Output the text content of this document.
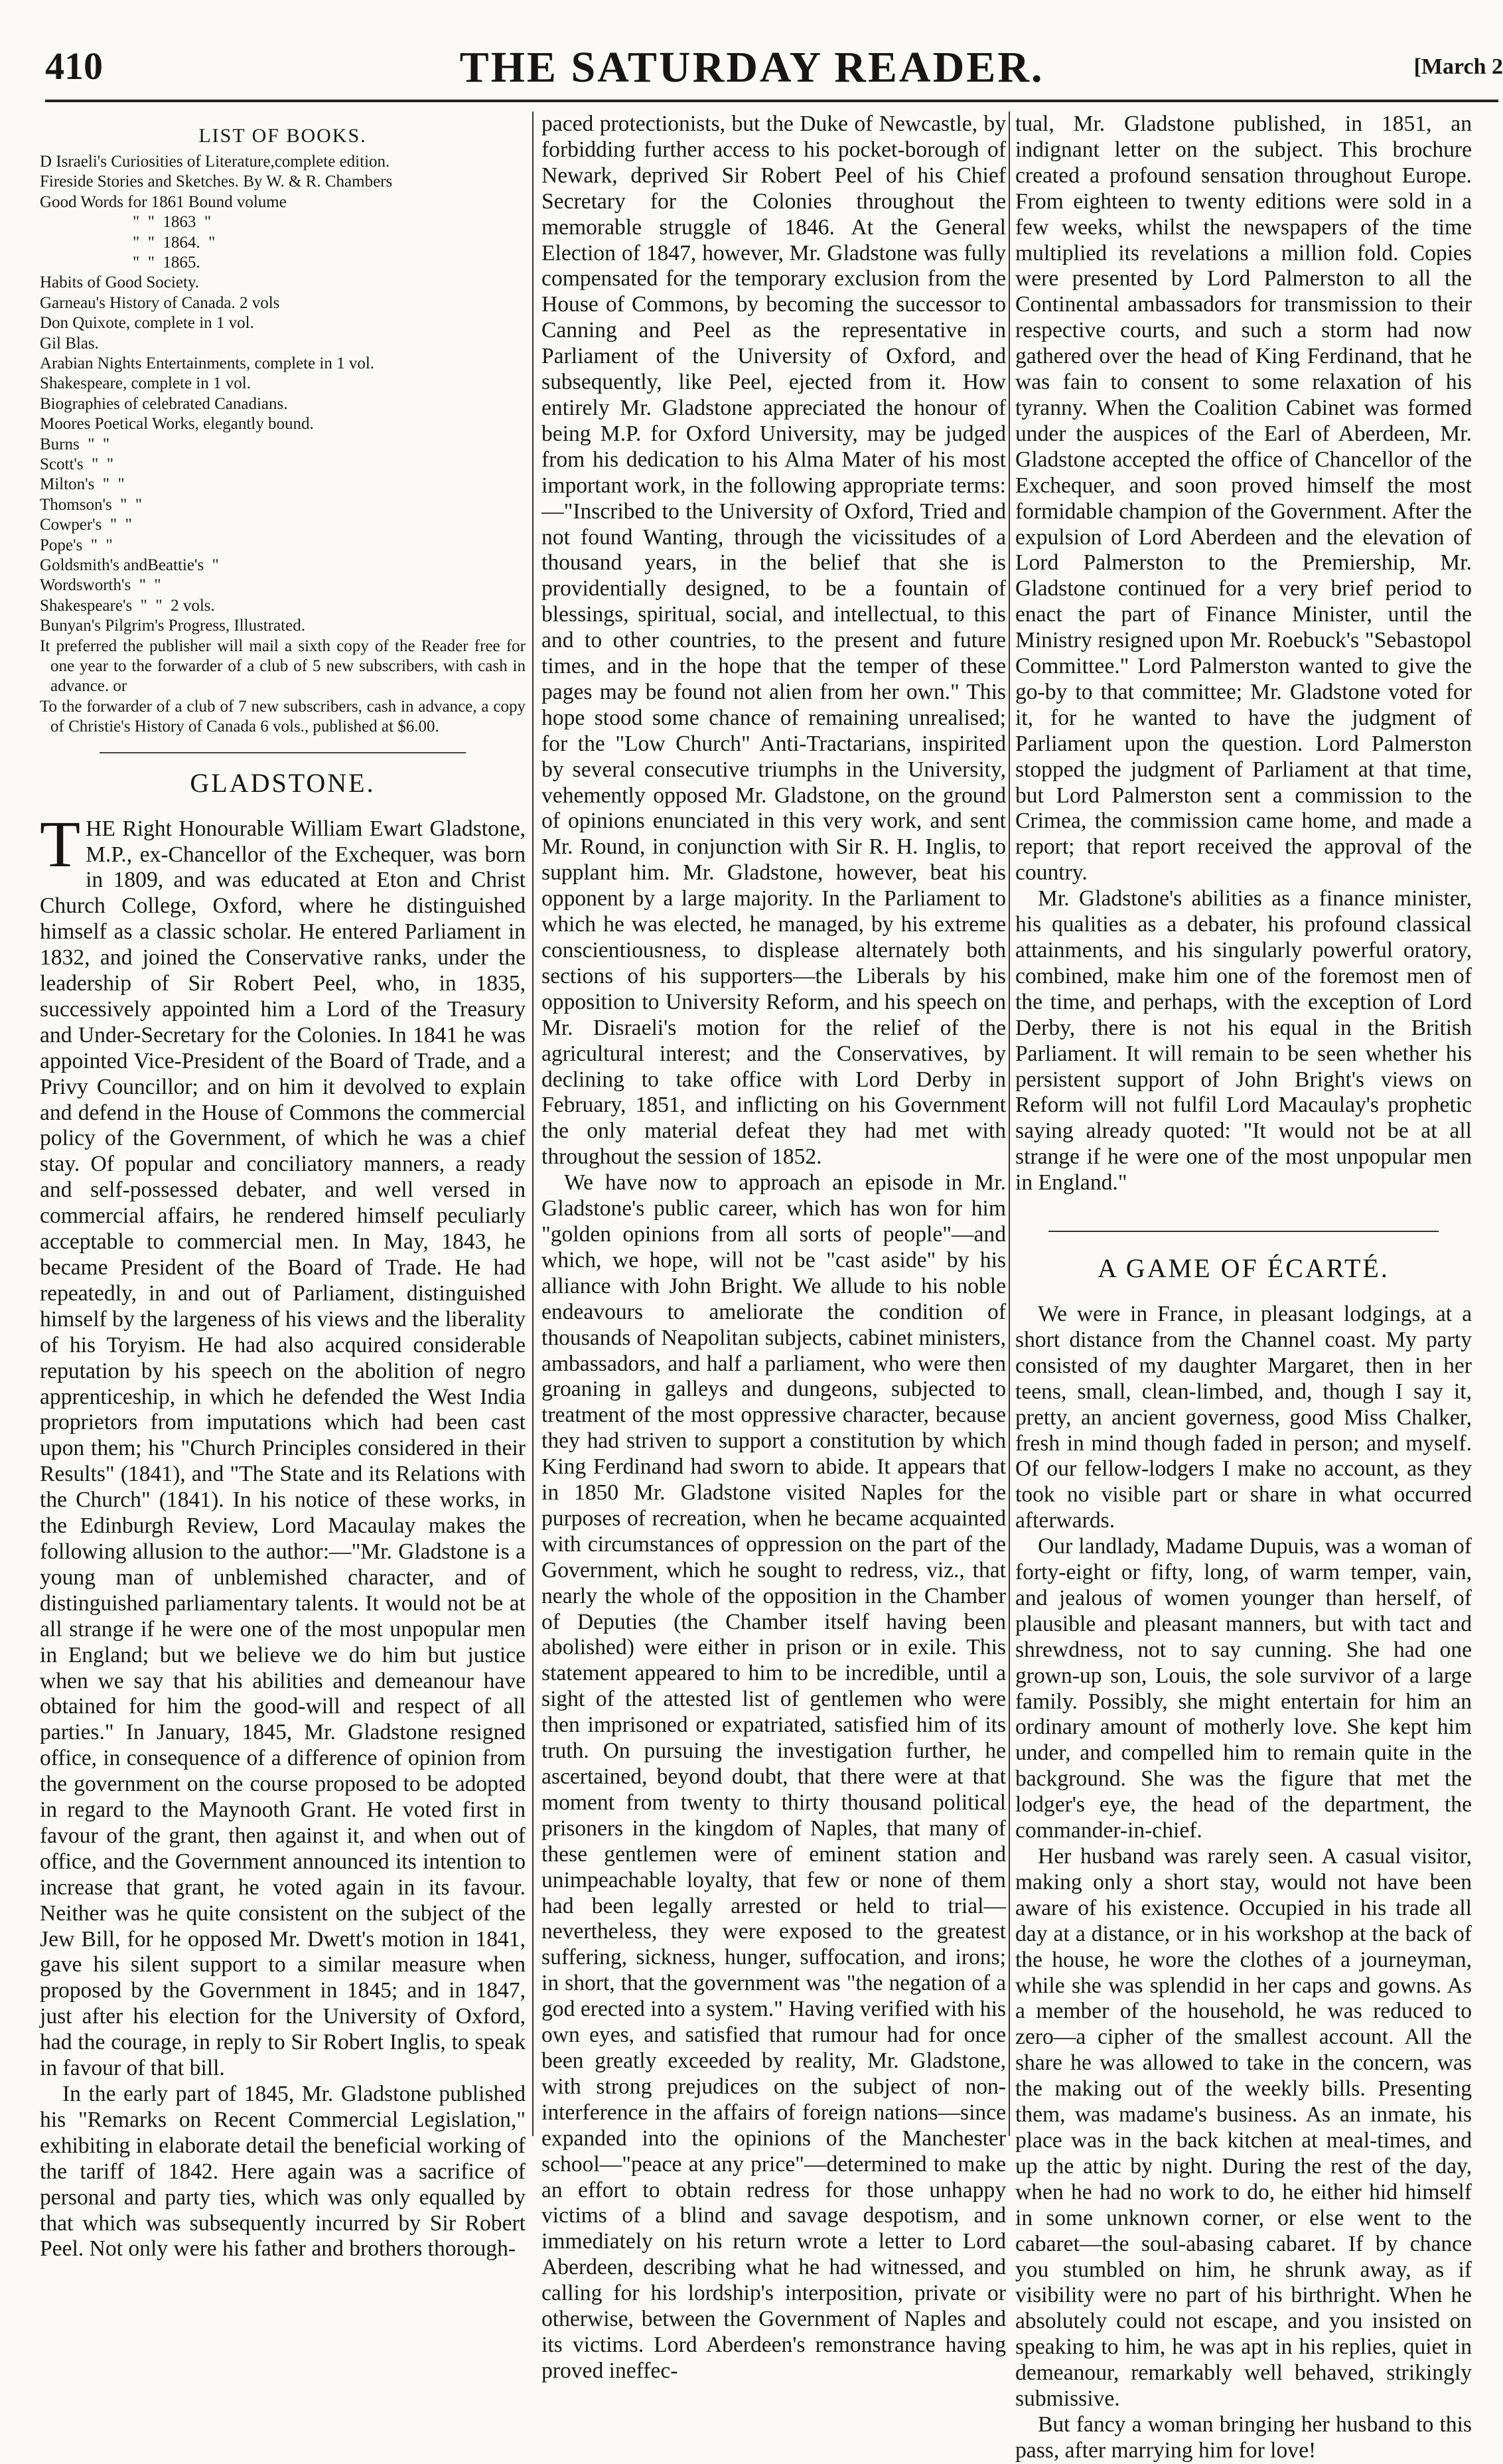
410	THE SATURDAY READER.	[March 2
LIST OF BOOKS.
D Israeli's Curiosities of Literature,complete edition.
Fireside Stories and Sketches. By W. & R. Chambers
Good Words for 1861 Bound volume
"  "  1863  "
"  "  1864.  "
"  "  1865.
Habits of Good Society.
Garneau's History of Canada. 2 vols
Don Quixote, complete in 1 vol.
Gil Blas.
Arabian Nights Entertainments, complete in 1 vol.
Shakespeare, complete in 1 vol.
Biographies of celebrated Canadians.
Moores Poetical Works, elegantly bound.
Burns  "  "
Scott's  "  "
Milton's  "  "
Thomson's  "  "
Cowper's  "  "
Pope's  "  "
Goldsmith's andBeattie's  "
Wordsworth's  "  "
Shakespeare's  "  "  2 vols.
Bunyan's Pilgrim's Progress, Illustrated.
It preferred the publisher will mail a sixth copy of the Reader free for one year to the forwarder of a club of 5 new subscribers, with cash in advance. or
To the forwarder of a club of 7 new subscribers, cash in advance, a copy of Christie's History of Canada 6 vols., published at $6.00.
GLADSTONE.

THE Right Honourable William Ewart Gladstone, M.P., ex-Chancellor of the Exchequer, was born in 1809, and was educated at Eton and Christ Church College, Oxford, where he distinguished himself as a classic scholar. He entered Parliament in 1832, and joined the Conservative ranks, under the leadership of Sir Robert Peel, who, in 1835, successively appointed him a Lord of the Treasury and Under-Secretary for the Colonies. In 1841 he was appointed Vice-President of the Board of Trade, and a Privy Councillor; and on him it devolved to explain and defend in the House of Commons the commercial policy of the Government, of which he was a chief stay. Of popular and conciliatory manners, a ready and self-possessed debater, and well versed in commercial affairs, he rendered himself peculiarly acceptable to commercial men. In May, 1843, he became President of the Board of Trade. He had repeatedly, in and out of Parliament, distinguished himself by the largeness of his views and the liberality of his Toryism. He had also acquired considerable reputation by his speech on the abolition of negro apprenticeship, in which he defended the West India proprietors from imputations which had been cast upon them; his "Church Principles considered in their Results" (1841), and "The State and its Relations with the Church" (1841). In his notice of these works, in the Edinburgh Review, Lord Macaulay makes the following allusion to the author:—"Mr. Gladstone is a young man of unblemished character, and of distinguished parliamentary talents. It would not be at all strange if he were one of the most unpopular men in England; but we believe we do him but justice when we say that his abilities and demeanour have obtained for him the good-will and respect of all parties." In January, 1845, Mr. Gladstone resigned office, in consequence of a difference of opinion from the government on the course proposed to be adopted in regard to the Maynooth Grant. He voted first in favour of the grant, then against it, and when out of office, and the Government announced its intention to increase that grant, he voted again in its favour. Neither was he quite consistent on the subject of the Jew Bill, for he opposed Mr. Dwett's motion in 1841, gave his silent support to a similar measure when proposed by the Government in 1845; and in 1847, just after his election for the University of Oxford, had the courage, in reply to Sir Robert Inglis, to speak in favour of that bill.

In the early part of 1845, Mr. Gladstone published his "Remarks on Recent Commercial Legislation," exhibiting in elaborate detail the beneficial working of the tariff of 1842. Here again was a sacrifice of personal and party ties, which was only equalled by that which was subsequently incurred by Sir Robert Peel. Not only were his father and brothers thorough-

paced protectionists, but the Duke of Newcastle, by forbidding further access to his pocket-borough of Newark, deprived Sir Robert Peel of his Chief Secretary for the Colonies throughout the memorable struggle of 1846. At the General Election of 1847, however, Mr. Gladstone was fully compensated for the temporary exclusion from the House of Commons, by becoming the successor to Canning and Peel as the representative in Parliament of the University of Oxford, and subsequently, like Peel, ejected from it. How entirely Mr. Gladstone appreciated the honour of being M.P. for Oxford University, may be judged from his dedication to his Alma Mater of his most important work, in the following appropriate terms:—"Inscribed to the University of Oxford, Tried and not found Wanting, through the vicissitudes of a thousand years, in the belief that she is providentially designed, to be a fountain of blessings, spiritual, social, and intellectual, to this and to other countries, to the present and future times, and in the hope that the temper of these pages may be found not alien from her own." This hope stood some chance of remaining unrealised; for the "Low Church" Anti-Tractarians, inspirited by several consecutive triumphs in the University, vehemently opposed Mr. Gladstone, on the ground of opinions enunciated in this very work, and sent Mr. Round, in conjunction with Sir R. H. Inglis, to supplant him. Mr. Gladstone, however, beat his opponent by a large majority. In the Parliament to which he was elected, he managed, by his extreme conscientiousness, to displease alternately both sections of his supporters—the Liberals by his opposition to University Reform, and his speech on Mr. Disraeli's motion for the relief of the agricultural interest; and the Conservatives, by declining to take office with Lord Derby in February, 1851, and inflicting on his Government the only material defeat they had met with throughout the session of 1852.

We have now to approach an episode in Mr. Gladstone's public career, which has won for him "golden opinions from all sorts of people"—and which, we hope, will not be "cast aside" by his alliance with John Bright. We allude to his noble endeavours to ameliorate the condition of thousands of Neapolitan subjects, cabinet ministers, ambassadors, and half a parliament, who were then groaning in galleys and dungeons, subjected to treatment of the most oppressive character, because they had striven to support a constitution by which King Ferdinand had sworn to abide. It appears that in 1850 Mr. Gladstone visited Naples for the purposes of recreation, when he became acquainted with circumstances of oppression on the part of the Government, which he sought to redress, viz., that nearly the whole of the opposition in the Chamber of Deputies (the Chamber itself having been abolished) were either in prison or in exile. This statement appeared to him to be incredible, until a sight of the attested list of gentlemen who were then imprisoned or expatriated, satisfied him of its truth. On pursuing the investigation further, he ascertained, beyond doubt, that there were at that moment from twenty to thirty thousand political prisoners in the kingdom of Naples, that many of these gentlemen were of eminent station and unimpeachable loyalty, that few or none of them had been legally arrested or held to trial—nevertheless, they were exposed to the greatest suffering, sickness, hunger, suffocation, and irons; in short, that the government was "the negation of a god erected into a system." Having verified with his own eyes, and satisfied that rumour had for once been greatly exceeded by reality, Mr. Gladstone, with strong prejudices on the subject of non-interference in the affairs of foreign nations—since expanded into the opinions of the Manchester school—"peace at any price"—determined to make an effort to obtain redress for those unhappy victims of a blind and savage despotism, and immediately on his return wrote a letter to Lord Aberdeen, describing what he had witnessed, and calling for his lordship's interposition, private or otherwise, between the Government of Naples and its victims. Lord Aberdeen's remonstrance having proved ineffec-

tual, Mr. Gladstone published, in 1851, an indignant letter on the subject. This brochure created a profound sensation throughout Europe. From eighteen to twenty editions were sold in a few weeks, whilst the newspapers of the time multiplied its revelations a million fold. Copies were presented by Lord Palmerston to all the Continental ambassadors for transmission to their respective courts, and such a storm had now gathered over the head of King Ferdinand, that he was fain to consent to some relaxation of his tyranny. When the Coalition Cabinet was formed under the auspices of the Earl of Aberdeen, Mr. Gladstone accepted the office of Chancellor of the Exchequer, and soon proved himself the most formidable champion of the Government. After the expulsion of Lord Aberdeen and the elevation of Lord Palmerston to the Premiership, Mr. Gladstone continued for a very brief period to enact the part of Finance Minister, until the Ministry resigned upon Mr. Roebuck's "Sebastopol Committee." Lord Palmerston wanted to give the go-by to that committee; Mr. Gladstone voted for it, for he wanted to have the judgment of Parliament upon the question. Lord Palmerston stopped the judgment of Parliament at that time, but Lord Palmerston sent a commission to the Crimea, the commission came home, and made a report; that report received the approval of the country.

Mr. Gladstone's abilities as a finance minister, his qualities as a debater, his profound classical attainments, and his singularly powerful oratory, combined, make him one of the foremost men of the time, and perhaps, with the exception of Lord Derby, there is not his equal in the British Parliament. It will remain to be seen whether his persistent support of John Bright's views on Reform will not fulfil Lord Macaulay's prophetic saying already quoted: "It would not be at all strange if he were one of the most unpopular men in England."

A GAME OF ÉCARTÉ.

We were in France, in pleasant lodgings, at a short distance from the Channel coast. My party consisted of my daughter Margaret, then in her teens, small, clean-limbed, and, though I say it, pretty, an ancient governess, good Miss Chalker, fresh in mind though faded in person; and myself. Of our fellow-lodgers I make no account, as they took no visible part or share in what occurred afterwards.

Our landlady, Madame Dupuis, was a woman of forty-eight or fifty, long, of warm temper, vain, and jealous of women younger than herself, of plausible and pleasant manners, but with tact and shrewdness, not to say cunning. She had one grown-up son, Louis, the sole survivor of a large family. Possibly, she might entertain for him an ordinary amount of motherly love. She kept him under, and compelled him to remain quite in the background. She was the figure that met the lodger's eye, the head of the department, the commander-in-chief.

Her husband was rarely seen. A casual visitor, making only a short stay, would not have been aware of his existence. Occupied in his trade all day at a distance, or in his workshop at the back of the house, he wore the clothes of a journeyman, while she was splendid in her caps and gowns. As a member of the household, he was reduced to zero—a cipher of the smallest account. All the share he was allowed to take in the concern, was the making out of the weekly bills. Presenting them, was madame's business. As an inmate, his place was in the back kitchen at meal-times, and up the attic by night. During the rest of the day, when he had no work to do, he either hid himself in some unknown corner, or else went to the cabaret—the soul-abasing cabaret. If by chance you stumbled on him, he shrunk away, as if visibility were no part of his birthright. When he absolutely could not escape, and you insisted on speaking to him, he was apt in his replies, quiet in demeanour, remarkably well behaved, strikingly submissive.

But fancy a woman bringing her husband to this pass, after marrying him for love!
